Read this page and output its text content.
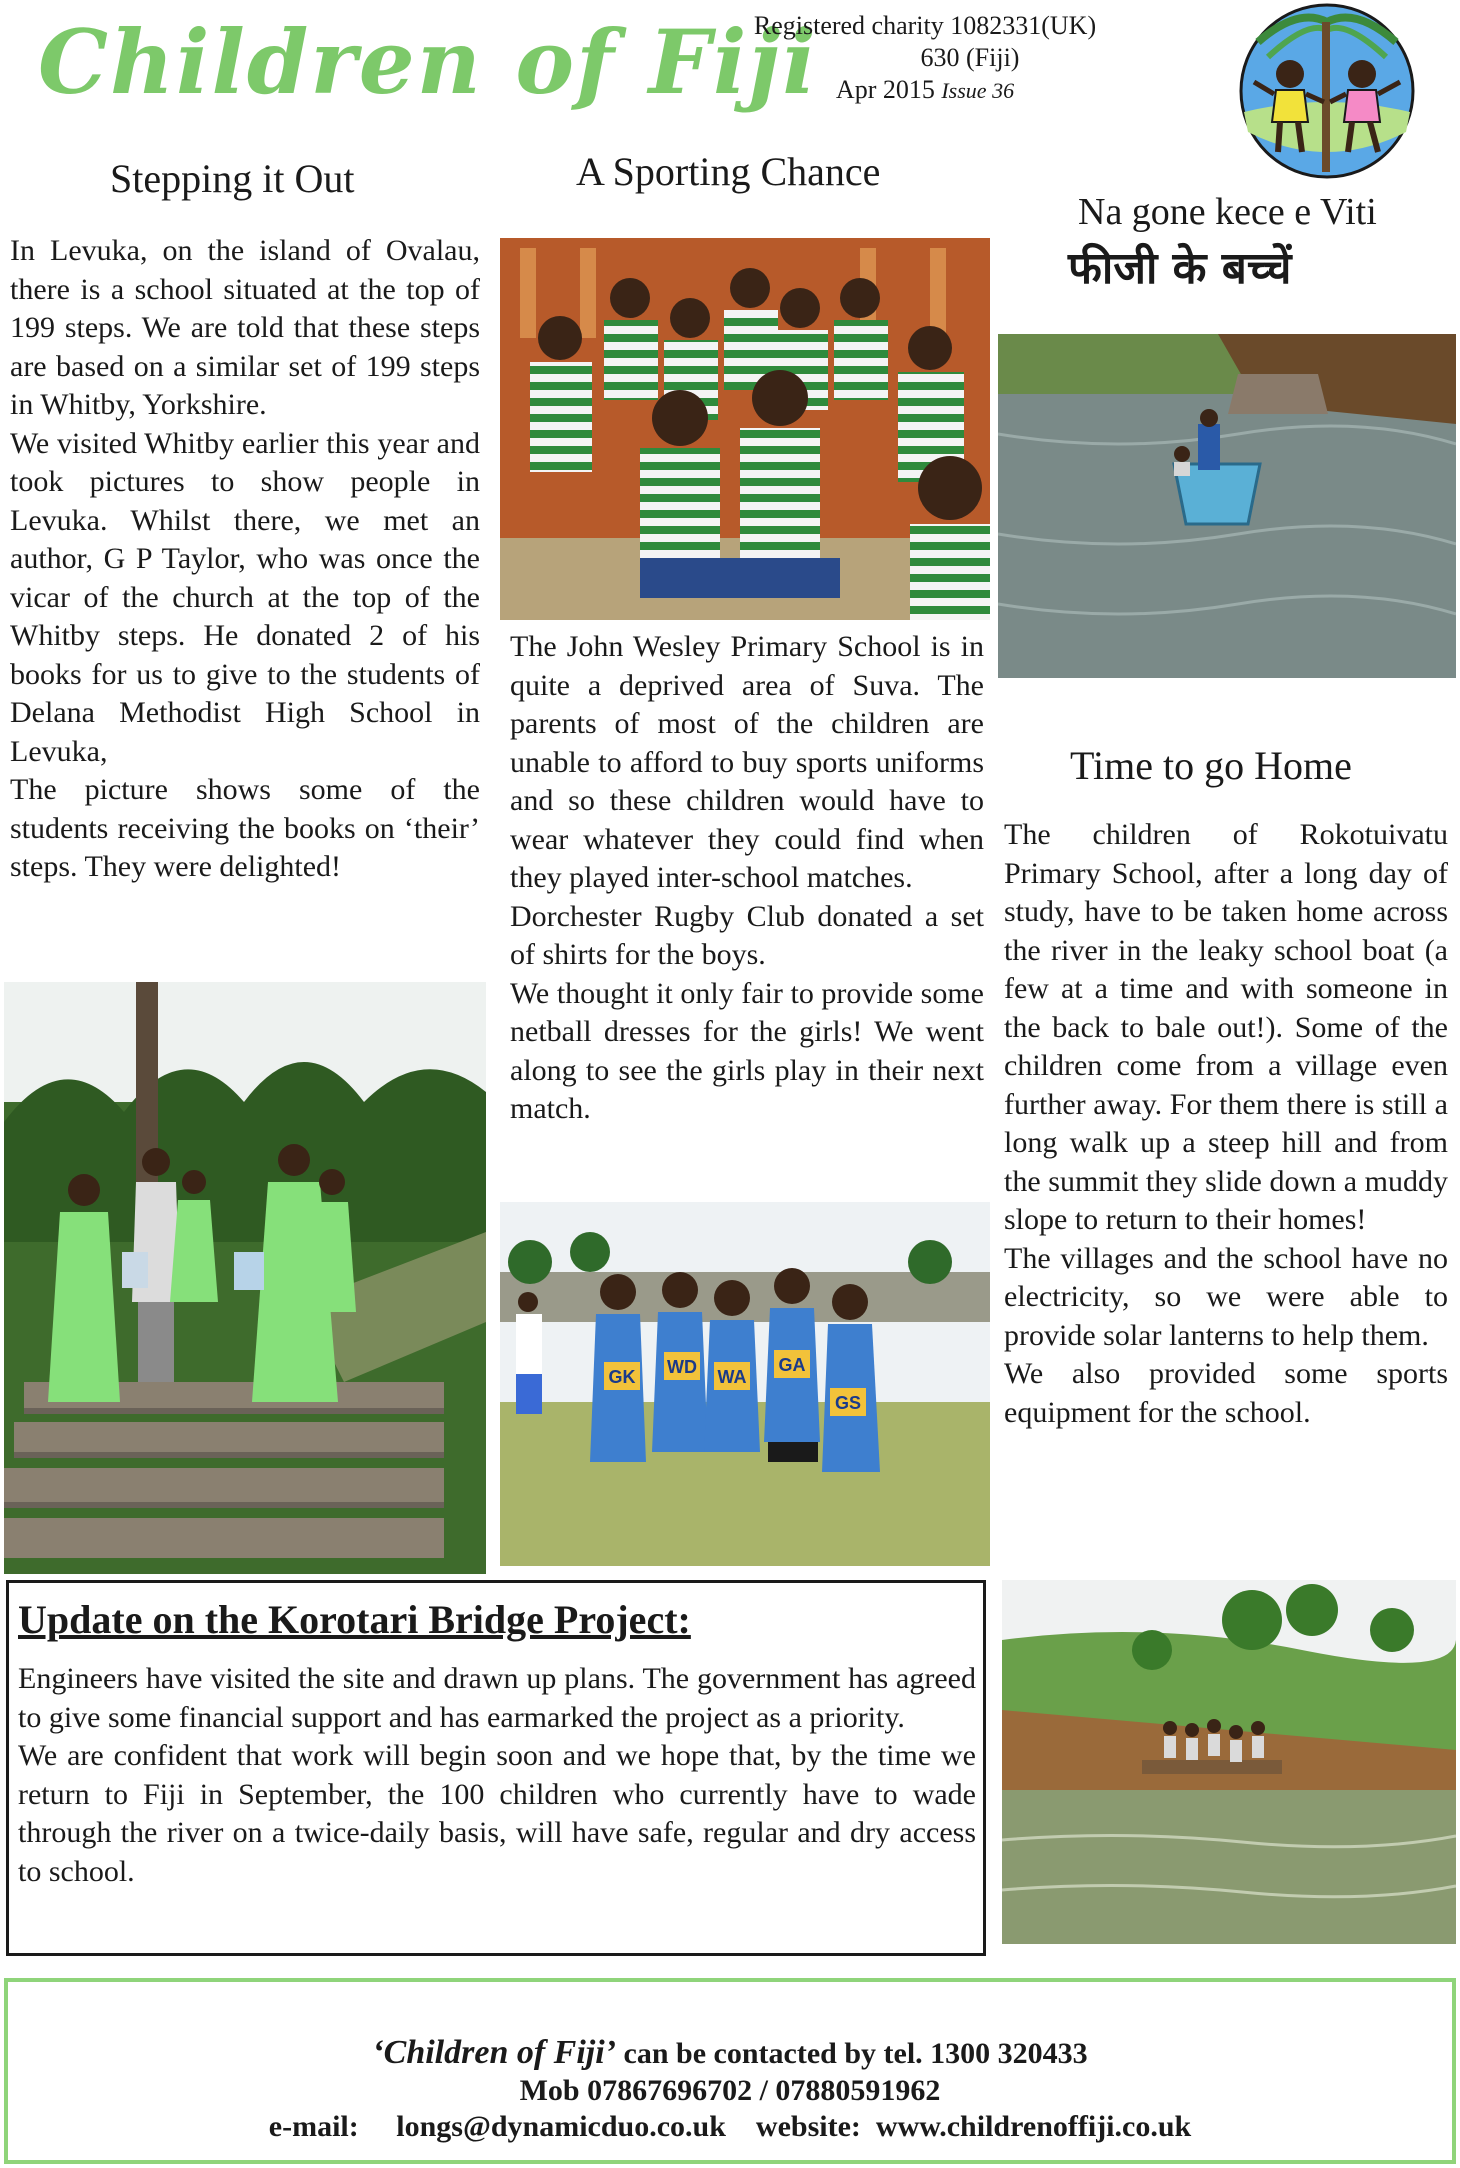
Children of Fiji
Registered charity 1082331(UK)
630 (Fiji)
Apr 2015 Issue 36
Na gone kece e Viti
फीजी के बच्चें
Stepping it Out

In Levuka, on the island of Ovalau, there is a school situated at the top of 199 steps. We are told that these steps are based on a similar set of 199 steps in Whitby, Yorkshire.

We visited Whitby earlier this year and took pictures to show people in Levuka. Whilst there, we met an author, G P Taylor, who was once the vicar of the church at the top of the Whitby steps. He donated 2 of his books for us to give to the students of Delana Methodist High School in Levuka,

The picture shows some of the students receiving the books on ‘their’ steps. They were delighted!

A Sporting Chance

The John Wesley Primary School is in quite a deprived area of Suva. The parents of most of the children are unable to afford to buy sports uniforms and so these children would have to wear whatever they could find when they played inter-school matches.

Dorchester Rugby Club donated a set of shirts for the boys.

We thought it only fair to provide some netball dresses for the girls! We went along to see the girls play in their next match.

GK WD WA
GA
GS
Time to go Home

The children of Rokotuivatu Primary School, after a long day of study, have to be taken home across the river in the leaky school boat (a few at a time and with someone in the back to bale out!). Some of the children come from a village even further away. For them there is still a long walk up a steep hill and from the summit they slide down a muddy slope to return to their homes!

The villages and the school have no electricity, so we were able to provide solar lanterns to help them.

We also provided some sports equipment for the school.

Update on the Korotari Bridge Project:

Engineers have visited the site and drawn up plans. The government has agreed to give some financial support and has earmarked the project as a priority.

We are confident that work will begin soon and we hope that, by the time we return to Fiji in September, the 100 children who currently have to wade through the river on a twice-daily basis, will have safe, regular and dry access to school.

‘Children of Fiji’ can be contacted by tel. 1300 320433
Mob 07867696702 / 07880591962
e-mail: longs@dynamicduo.co.uk website: www.childrenoffiji.co.uk
